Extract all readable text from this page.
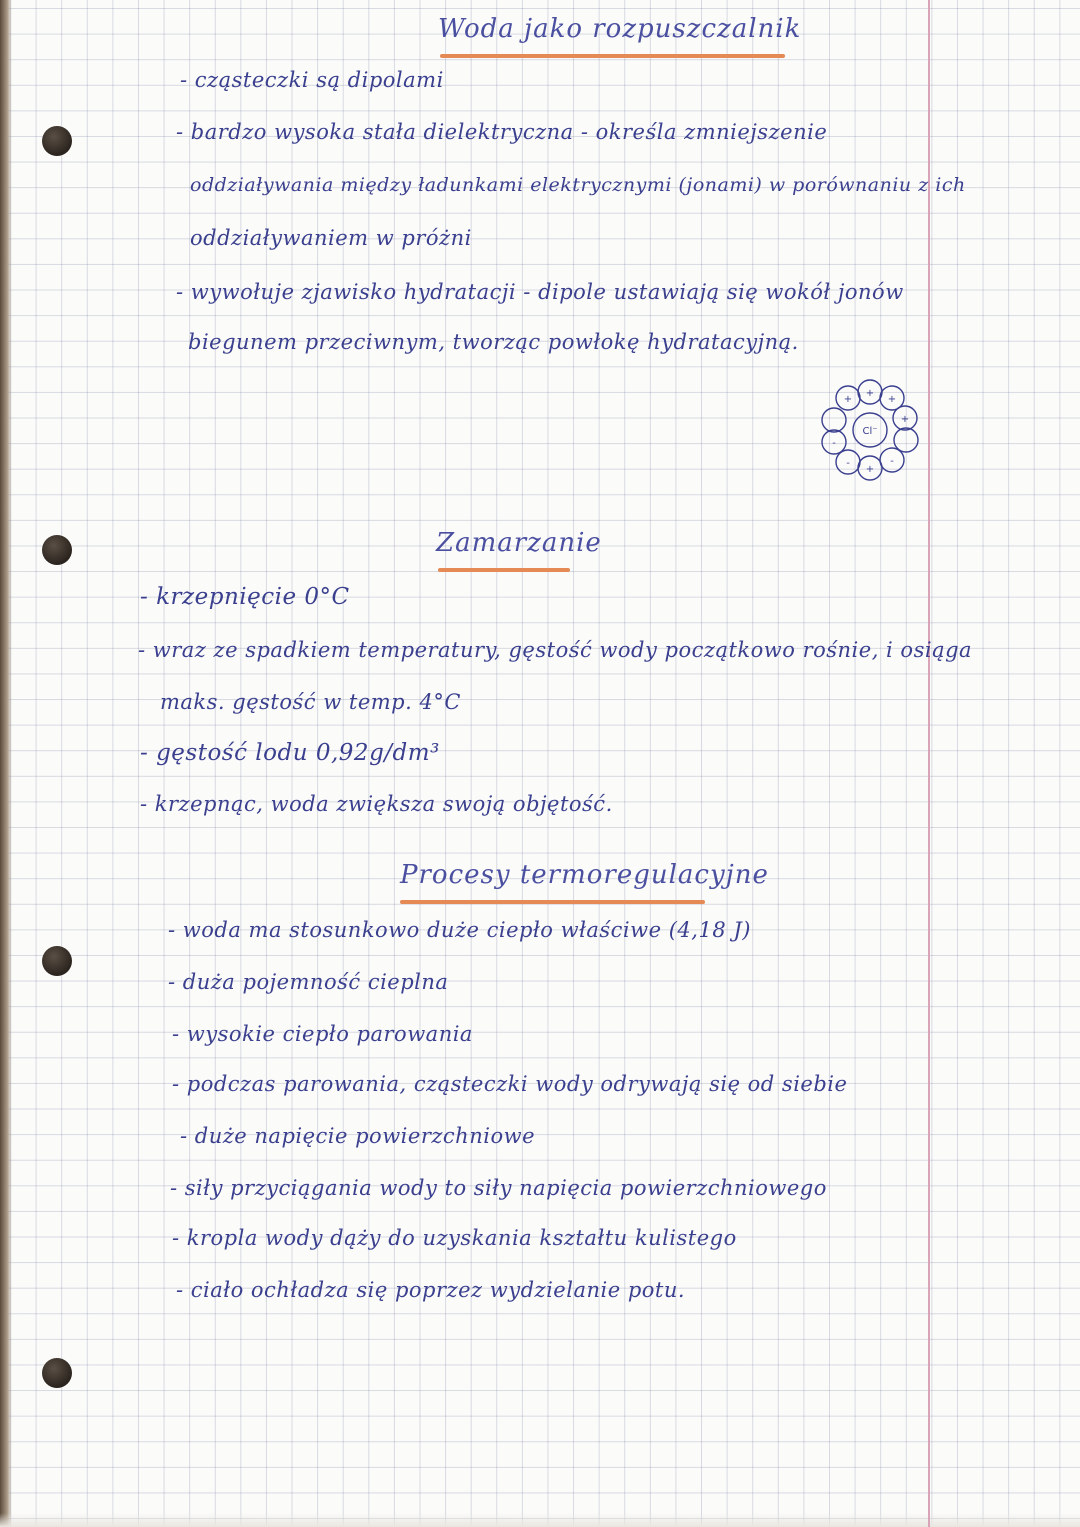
Woda jako rozpuszczalnik
- cząsteczki są dipolami
- bardzo wysoka stała dielektryczna - określa zmniejszenie
oddziaływania między ładunkami elektrycznymi (jonami) w porównaniu z ich
oddziaływaniem w próżni
- wywołuje zjawisko hydratacji - dipole ustawiają się wokół jonów
biegunem przeciwnym, tworząc powłokę hydratacyjną.
Cl⁻
+
+
+
+
-
-
+
-
Zamarzanie
- krzepnięcie 0°C
- wraz ze spadkiem temperatury, gęstość wody początkowo rośnie, i osiąga
maks. gęstość w temp. 4°C
- gęstość lodu 0,92g/dm³
- krzepnąc, woda zwiększa swoją objętość.
Procesy termoregulacyjne
- woda ma stosunkowo duże ciepło właściwe (4,18 J)
- duża pojemność cieplna
- wysokie ciepło parowania
- podczas parowania, cząsteczki wody odrywają się od siebie
- duże napięcie powierzchniowe
- siły przyciągania wody to siły napięcia powierzchniowego
- kropla wody dąży do uzyskania kształtu kulistego
- ciało ochładza się poprzez wydzielanie potu.
